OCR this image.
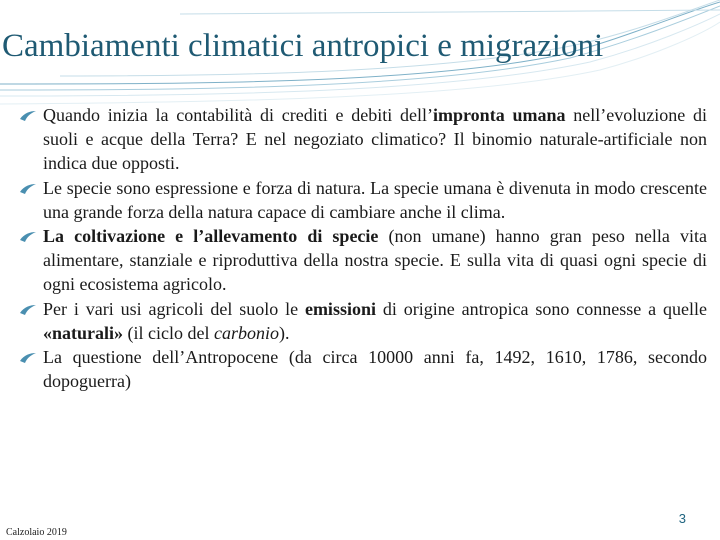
Cambiamenti climatici antropici e migrazioni
Quando inizia la contabilità di crediti e debiti dell’impronta umana nell’evoluzione di suoli e acque della Terra? E nel negoziato climatico? Il binomio naturale-artificiale non indica due opposti.
Le specie sono espressione e forza di natura. La specie umana è divenuta in modo crescente una grande forza della natura capace di cambiare anche il clima.
La coltivazione e l’allevamento di specie (non umane) hanno gran peso nella vita alimentare, stanziale e riproduttiva della nostra specie. E sulla vita di quasi ogni specie di ogni ecosistema agricolo.
Per i vari usi agricoli del suolo le emissioni di origine antropica sono connesse a quelle «naturali» (il ciclo del carbonio).
La questione dell’Antropocene (da circa 10000 anni fa, 1492, 1610, 1786, secondo dopoguerra)
Calzolaio 2019
3
